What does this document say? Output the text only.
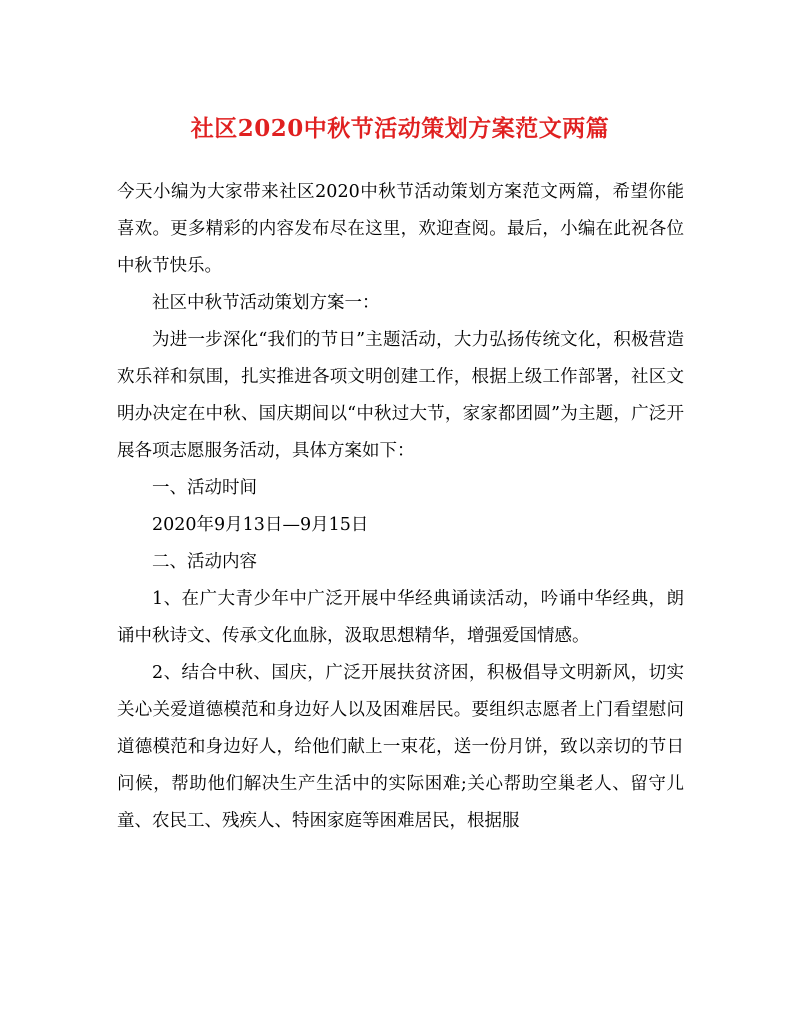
社区2020中秋节活动策划方案范文两篇

今天小编为大家带来社区2020中秋节活动策划方案范文两篇，希望你能喜欢。更多精彩的内容发布尽在这里，欢迎查阅。最后，小编在此祝各位中秋节快乐。

社区中秋节活动策划方案一：

为进一步深化“我们的节日”主题活动，大力弘扬传统文化，积极营造欢乐祥和氛围，扎实推进各项文明创建工作，根据上级工作部署，社区文明办决定在中秋、国庆期间以“中秋过大节，家家都团圆”为主题，广泛开展各项志愿服务活动，具体方案如下：

一、活动时间

2020年9月13日—9月15日

二、活动内容

1、在广大青少年中广泛开展中华经典诵读活动，吟诵中华经典，朗诵中秋诗文、传承文化血脉，汲取思想精华，增强爱国情感。

2、结合中秋、国庆，广泛开展扶贫济困，积极倡导文明新风，切实关心关爱道德模范和身边好人以及困难居民。要组织志愿者上门看望慰问道德模范和身边好人，给他们献上一束花，送一份月饼，致以亲切的节日问候，帮助他们解决生产生活中的实际困难;关心帮助空巢老人、留守儿童、农民工、残疾人、特困家庭等困难居民，根据服
